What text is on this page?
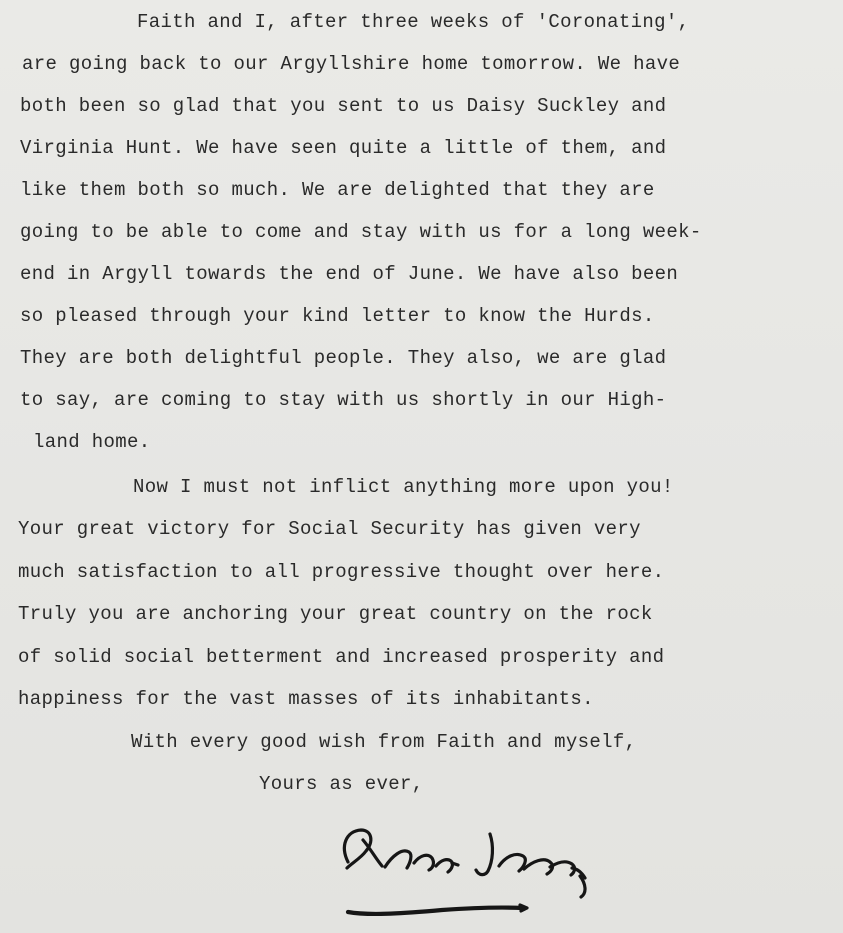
Faith and I, after three weeks of 'Coronating',
are going back to our Argyllshire home tomorrow. We have
both been so glad that you sent to us Daisy Suckley and
Virginia Hunt. We have seen quite a little of them, and
like them both so much. We are delighted that they are
going to be able to come and stay with us for a long week-
end in Argyll towards the end of June. We have also been
so pleased through your kind letter to know the Hurds.
They are both delightful people. They also, we are glad
to say, are coming to stay with us shortly in our High-
land home.
Now I must not inflict anything more upon you!
Your great victory for Social Security has given very
much satisfaction to all progressive thought over here.
Truly you are anchoring your great country on the rock
of solid social betterment and increased prosperity and
happiness for the vast masses of its inhabitants.
With every good wish from Faith and myself,
Yours as ever,
